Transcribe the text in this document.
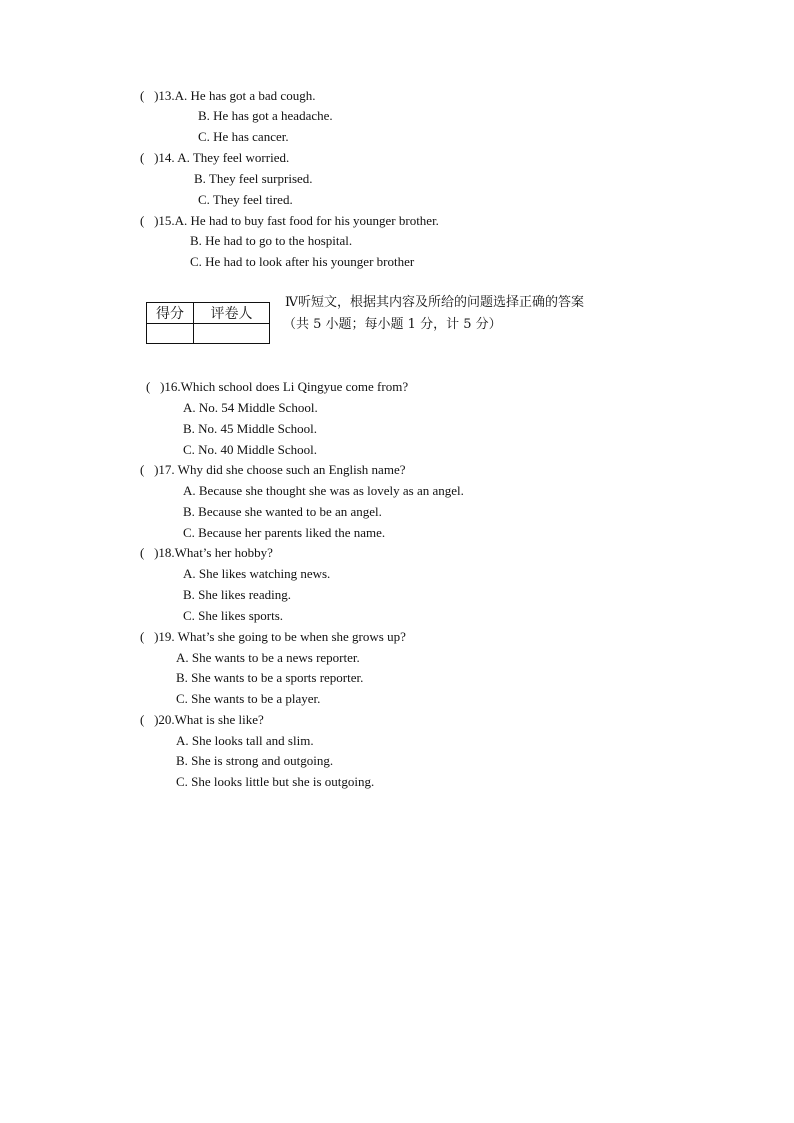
(   )13.A. He has got a bad cough.
B. He has got a headache.
C. He has cancer.
(   )14. A. They feel worried.
B. They feel surprised.
C. They feel tired.
(   )15.A. He had to buy fast food for his younger brother.
B. He had to go to the hospital.
C. He had to look after his younger brother
得分	评卷人

Ⅳ听短文，根据其内容及所给的问题选择正确的答案
（共 5 小题；每小题 1 分，计 5 分）
(   )16.Which school does Li Qingyue come from?
A. No. 54 Middle School.
B. No. 45 Middle School.
C. No. 40 Middle School.
(   )17. Why did she choose such an English name?
A. Because she thought she was as lovely as an angel.
B. Because she wanted to be an angel.
C. Because her parents liked the name.
(   )18.What’s her hobby?
A. She likes watching news.
B. She likes reading.
C. She likes sports.
(   )19. What’s she going to be when she grows up?
A. She wants to be a news reporter.
B. She wants to be a sports reporter.
C. She wants to be a player.
(   )20.What is she like?
A. She looks tall and slim.
B. She is strong and outgoing.
C. She looks little but she is outgoing.
